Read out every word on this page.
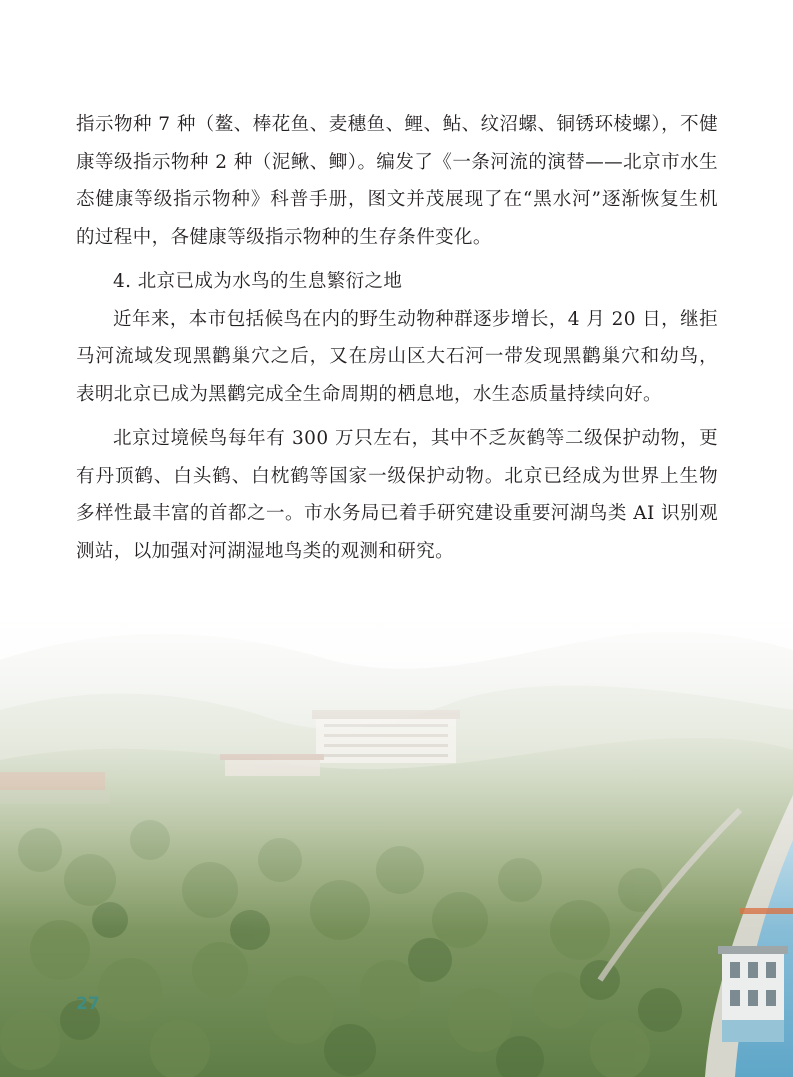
指示物种 7 种（鳌、棒花鱼、麦穗鱼、鲤、鲇、纹沼螺、铜锈环棱螺），不健康等级指示物种 2 种（泥鳅、鲫）。编发了《一条河流的演替——北京市水生态健康等级指示物种》科普手册，图文并茂展现了在“黑水河”逐渐恢复生机的过程中，各健康等级指示物种的生存条件变化。

4. 北京已成为水鸟的生息繁衍之地

近年来，本市包括候鸟在内的野生动物种群逐步增长，4 月 20 日，继拒马河流域发现黑鹳巢穴之后，又在房山区大石河一带发现黑鹳巢穴和幼鸟，表明北京已成为黑鹳完成全生命周期的栖息地，水生态质量持续向好。

北京过境候鸟每年有 300 万只左右，其中不乏灰鹤等二级保护动物，更有丹顶鹤、白头鹤、白枕鹤等国家一级保护动物。北京已经成为世界上生物多样性最丰富的首都之一。市水务局已着手研究建设重要河湖鸟类 AI 识别观测站，以加强对河湖湿地鸟类的观测和研究。

27
